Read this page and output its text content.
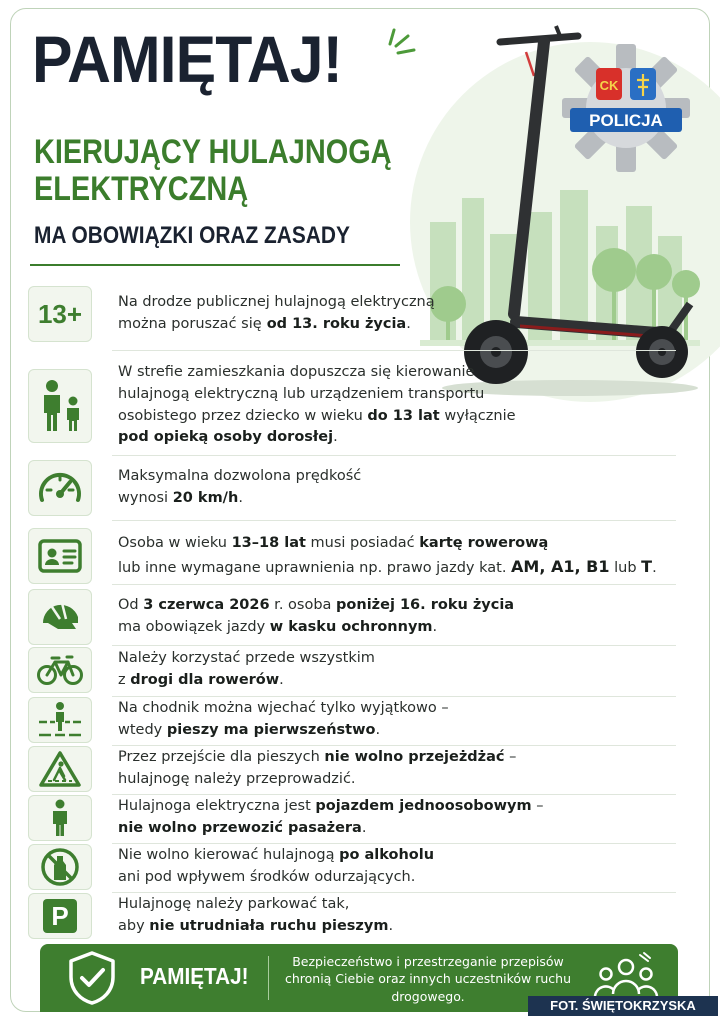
PAMIĘTAJ!
KIERUJĄCY HULAJNOGĄ
ELEKTRYCZNĄ
MA OBOWIĄZKI ORAZ ZASADY
CK
POLICJA
13+ Na drodze publicznej hulajnogą elektryczną
można poruszać się od 13. roku życia.
W strefie zamieszkania dopuszcza się kierowanie
hulajnogą elektryczną lub urządzeniem transportu
osobistego przez dziecko w wieku do 13 lat wyłącznie
pod opieką osoby dorosłej.
Maksymalna dozwolona prędkość
wynosi 20 km/h.
Osoba w wieku 13–18 lat musi posiadać kartę rowerową
lub inne wymagane uprawnienia np. prawo jazdy kat. AM, A1, B1 lub T.
Od 3 czerwca 2026 r. osoba poniżej 16. roku życia
ma obowiązek jazdy w kasku ochronnym.
Należy korzystać przede wszystkim
z drogi dla rowerów.
Na chodnik można wjechać tylko wyjątkowo –
wtedy pieszy ma pierwszeństwo.
Przez przejście dla pieszych nie wolno przejeżdżać –
hulajnogę należy przeprowadzić.
Hulajnoga elektryczna jest pojazdem jednoosobowym –
nie wolno przewozić pasażera.
Nie wolno kierować hulajnogą po alkoholu
ani pod wpływem środków odurzających.
P	Hulajnogę należy parkować tak,
aby nie utrudniała ruchu pieszym.
PAMIĘTAJ!
Bezpieczeństwo i przestrzeganie przepisów chronią Ciebie oraz innych uczestników ruchu drogowego.
FOT. ŚWIĘTOKRZYSKA POLICJA
